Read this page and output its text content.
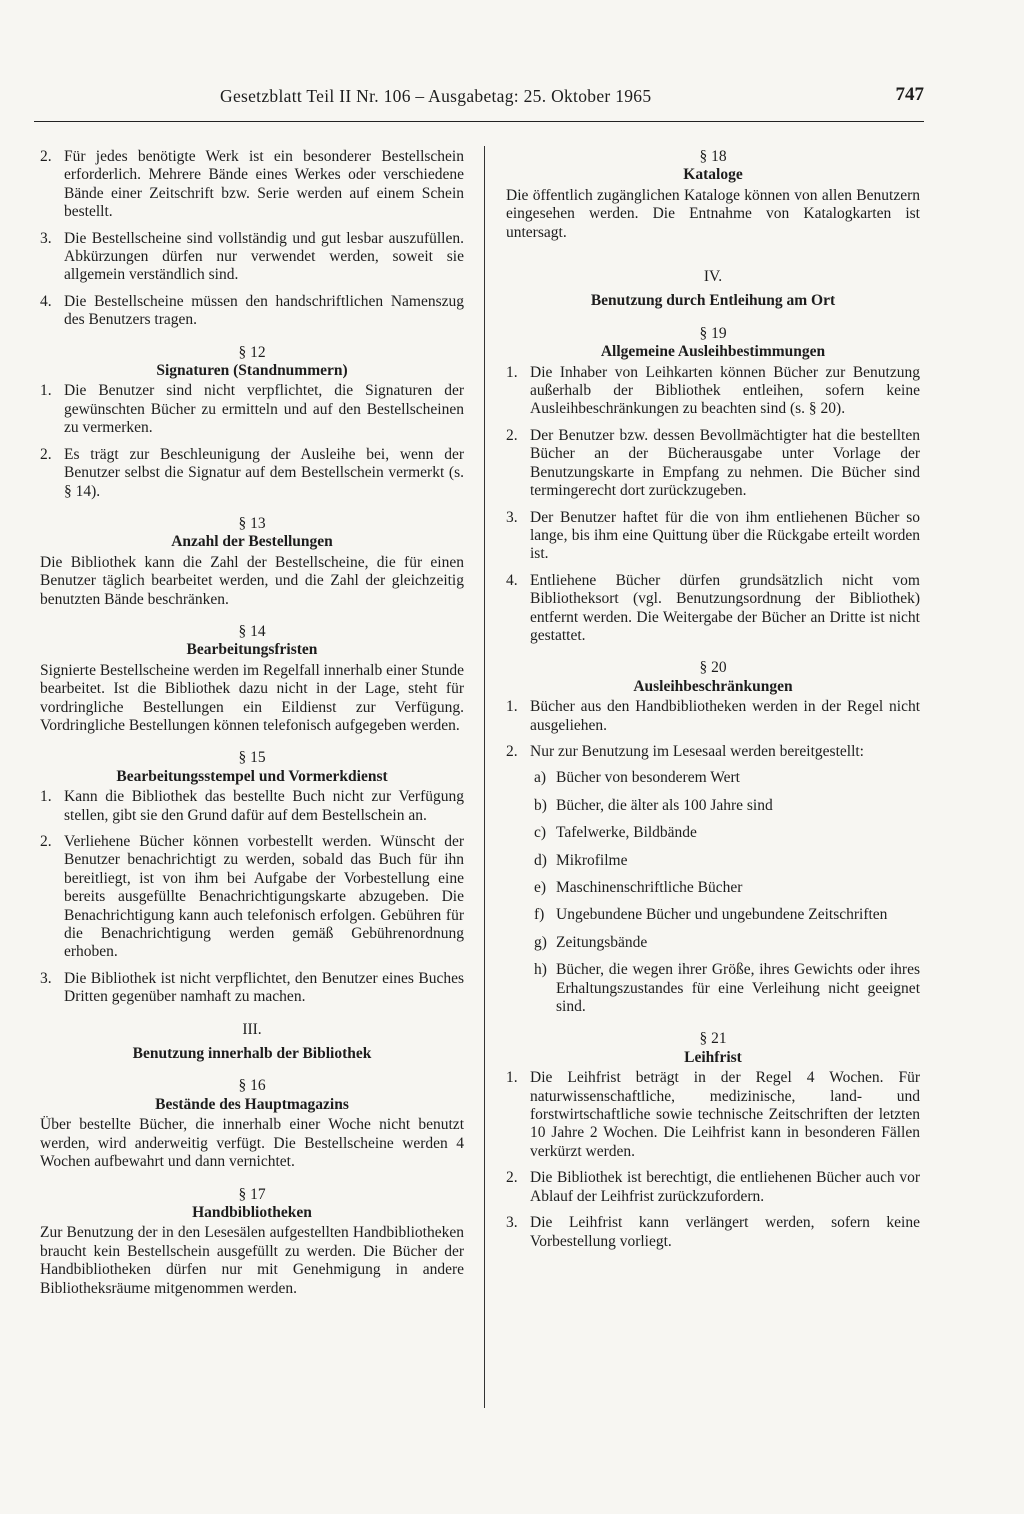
Gesetzblatt Teil II Nr. 106 – Ausgabetag: 25. Oktober 1965	747
2. Für jedes benötigte Werk ist ein besonderer Bestellschein erforderlich. Mehrere Bände eines Werkes oder verschiedene Bände einer Zeitschrift bzw. Serie werden auf einem Schein bestellt.
3. Die Bestellscheine sind vollständig und gut lesbar auszufüllen. Abkürzungen dürfen nur verwendet werden, soweit sie allgemein verständlich sind.
4. Die Bestellscheine müssen den handschriftlichen Namenszug des Benutzers tragen.
§ 12
Signaturen (Standnummern)
1. Die Benutzer sind nicht verpflichtet, die Signaturen der gewünschten Bücher zu ermitteln und auf den Bestellscheinen zu vermerken.
2. Es trägt zur Beschleunigung der Ausleihe bei, wenn der Benutzer selbst die Signatur auf dem Bestellschein vermerkt (s. § 14).
§ 13
Anzahl der Bestellungen
Die Bibliothek kann die Zahl der Bestellscheine, die für einen Benutzer täglich bearbeitet werden, und die Zahl der gleichzeitig benutzten Bände beschränken.
§ 14
Bearbeitungsfristen
Signierte Bestellscheine werden im Regelfall innerhalb einer Stunde bearbeitet. Ist die Bibliothek dazu nicht in der Lage, steht für vordringliche Bestellungen ein Eildienst zur Verfügung. Vordringliche Bestellungen können telefonisch aufgegeben werden.
§ 15
Bearbeitungsstempel und Vormerkdienst
1. Kann die Bibliothek das bestellte Buch nicht zur Verfügung stellen, gibt sie den Grund dafür auf dem Bestellschein an.
2. Verliehene Bücher können vorbestellt werden. Wünscht der Benutzer benachrichtigt zu werden, sobald das Buch für ihn bereitliegt, ist von ihm bei Aufgabe der Vorbestellung eine bereits ausgefüllte Benachrichtigungskarte abzugeben. Die Benachrichtigung kann auch telefonisch erfolgen. Gebühren für die Benachrichtigung werden gemäß Gebührenordnung erhoben.
3. Die Bibliothek ist nicht verpflichtet, den Benutzer eines Buches Dritten gegenüber namhaft zu machen.
III.
Benutzung innerhalb der Bibliothek
§ 16
Bestände des Hauptmagazins
Über bestellte Bücher, die innerhalb einer Woche nicht benutzt werden, wird anderweitig verfügt. Die Bestellscheine werden 4 Wochen aufbewahrt und dann vernichtet.
§ 17
Handbibliotheken
Zur Benutzung der in den Lesesälen aufgestellten Handbibliotheken braucht kein Bestellschein ausgefüllt zu werden. Die Bücher der Handbibliotheken dürfen nur mit Genehmigung in andere Bibliotheksräume mitgenommen werden.
§ 18
Kataloge
Die öffentlich zugänglichen Kataloge können von allen Benutzern eingesehen werden. Die Entnahme von Katalogkarten ist untersagt.
IV.
Benutzung durch Entleihung am Ort
§ 19
Allgemeine Ausleihbestimmungen
1. Die Inhaber von Leihkarten können Bücher zur Benutzung außerhalb der Bibliothek entleihen, sofern keine Ausleihbeschränkungen zu beachten sind (s. § 20).
2. Der Benutzer bzw. dessen Bevollmächtigter hat die bestellten Bücher an der Bücherausgabe unter Vorlage der Benutzungskarte in Empfang zu nehmen. Die Bücher sind termingerecht dort zurückzugeben.
3. Der Benutzer haftet für die von ihm entliehenen Bücher so lange, bis ihm eine Quittung über die Rückgabe erteilt worden ist.
4. Entliehene Bücher dürfen grundsätzlich nicht vom Bibliotheksort (vgl. Benutzungsordnung der Bibliothek) entfernt werden. Die Weitergabe der Bücher an Dritte ist nicht gestattet.
§ 20
Ausleihbeschränkungen
1. Bücher aus den Handbibliotheken werden in der Regel nicht ausgeliehen.
2. Nur zur Benutzung im Lesesaal werden bereitgestellt:
a) Bücher von besonderem Wert
b) Bücher, die älter als 100 Jahre sind
c) Tafelwerke, Bildbände
d) Mikrofilme
e) Maschinenschriftliche Bücher
f) Ungebundene Bücher und ungebundene Zeitschriften
g) Zeitungsbände
h) Bücher, die wegen ihrer Größe, ihres Gewichts oder ihres Erhaltungszustandes für eine Verleihung nicht geeignet sind.
§ 21
Leihfrist
1. Die Leihfrist beträgt in der Regel 4 Wochen. Für naturwissenschaftliche, medizinische, land- und forstwirtschaftliche sowie technische Zeitschriften der letzten 10 Jahre 2 Wochen. Die Leihfrist kann in besonderen Fällen verkürzt werden.
2. Die Bibliothek ist berechtigt, die entliehenen Bücher auch vor Ablauf der Leihfrist zurückzufordern.
3. Die Leihfrist kann verlängert werden, sofern keine Vorbestellung vorliegt.
